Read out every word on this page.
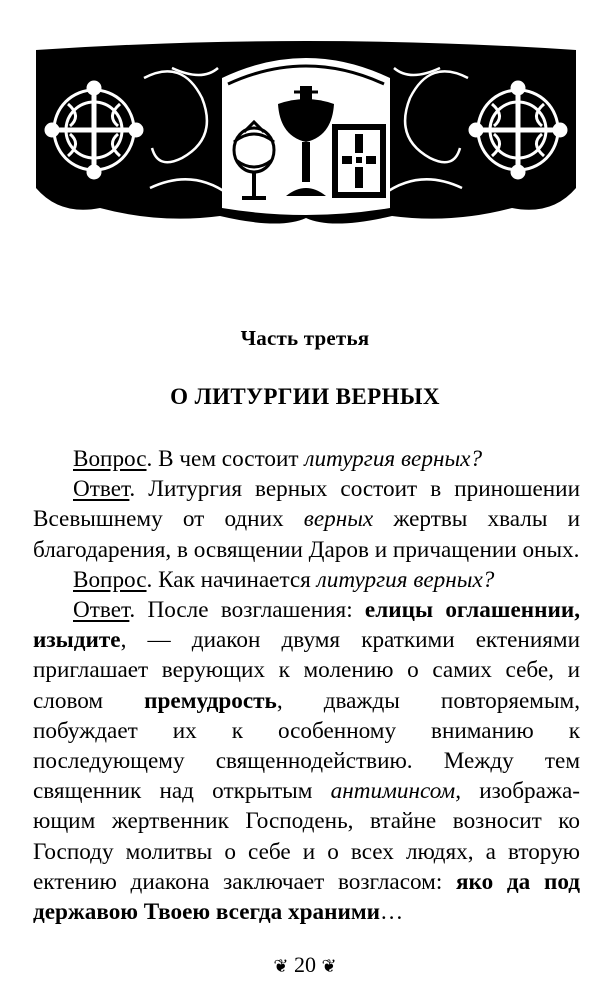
Часть третья
О ЛИТУРГИИ ВЕРНЫХ

Вопрос. В чем состоит литургия верных?

Ответ. Литургия верных состоит в приношении Всевышнему от одних верных жертвы хвалы и благодарения, в освящении Даров и причащении оных.

Вопрос. Как начинается литургия верных?

Ответ. После возглашения: елицы оглашеннии, изыдите, — диакон двумя краткими ектениями приглашает верующих к молению о самих себе, и словом премудрость, дважды повторяемым, побуждает их к особенному вниманию к последующему священнодействию. Между тем священник над открытым антиминсом, изображающим жертвенник Господень, втайне возносит ко Господу молитвы о себе и о всех людях, а вторую ектению диакона заключает возгласом: яко да под державою Твоею всегда храними…

❦ 20 ❦
